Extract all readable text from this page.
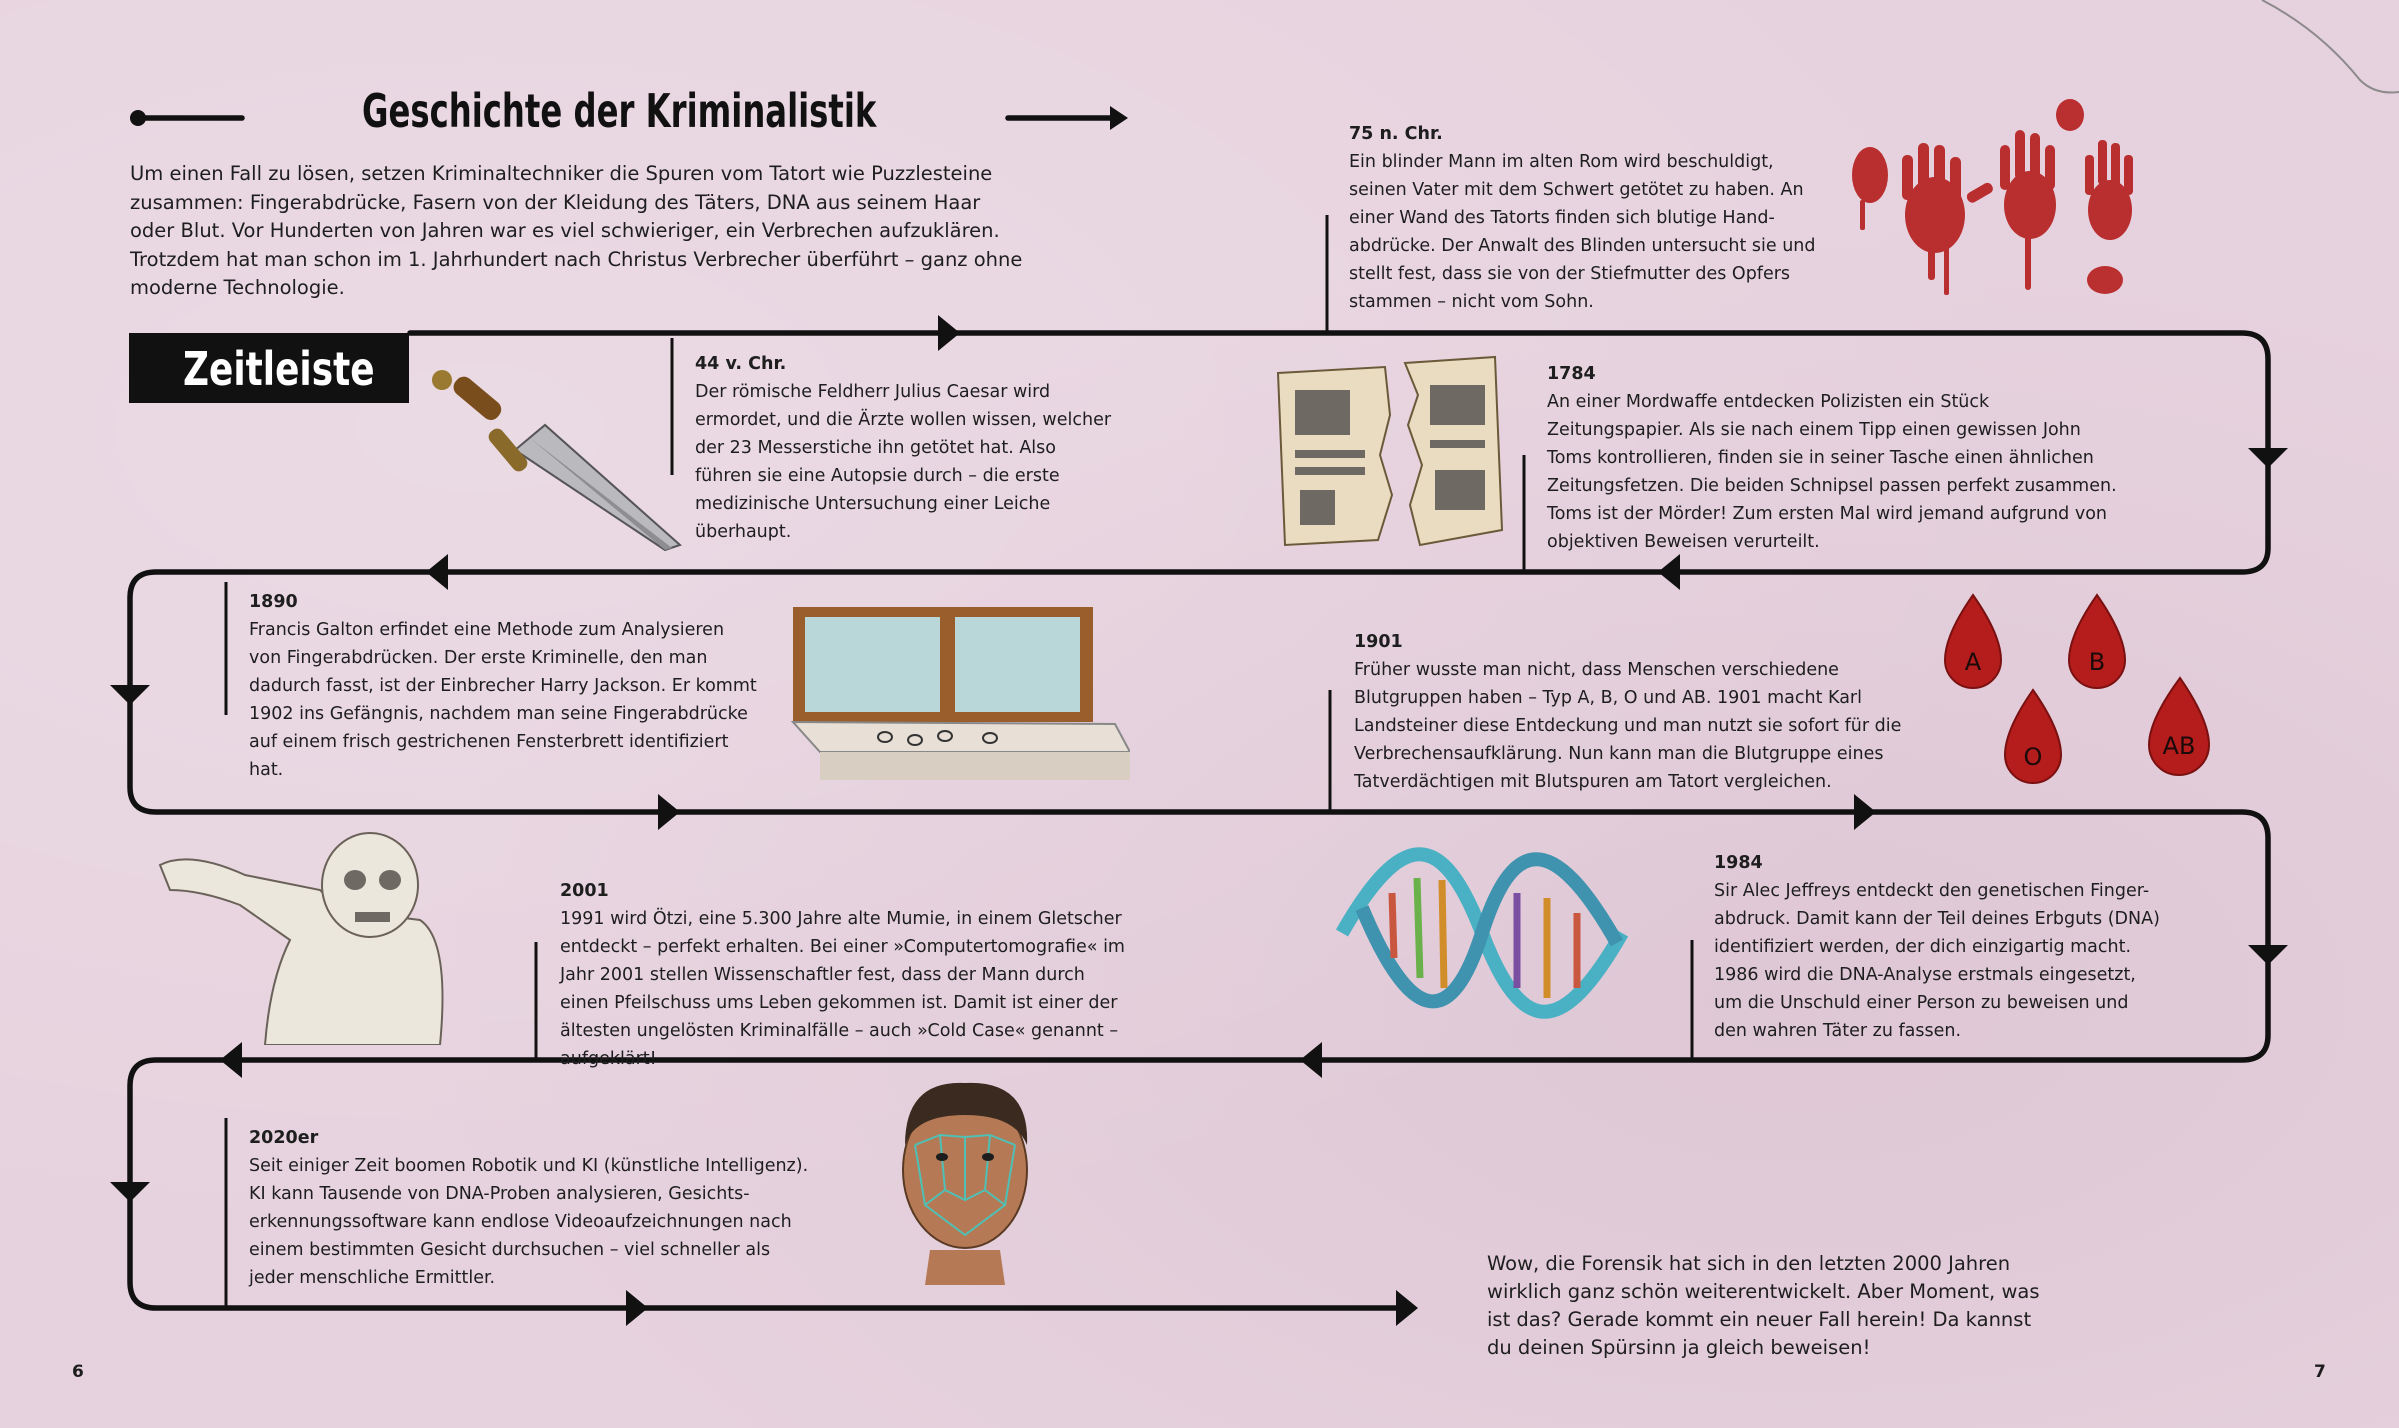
Geschichte der Kriminalistik
Um einen Fall zu lösen, setzen Kriminaltechniker die Spuren vom Tatort wie Puzzlesteine zusammen: Fingerabdrücke, Fasern von der Kleidung des Täters, DNA aus seinem Haar oder Blut. Vor Hunderten von Jahren war es viel schwieriger, ein Verbrechen aufzuklären. Trotzdem hat man schon im 1. Jahrhundert nach Christus Verbrecher überführt – ganz ohne moderne Technologie.
Zeitleiste
75 n. Chr.
Ein blinder Mann im alten Rom wird beschuldigt, seinen Vater mit dem Schwert getötet zu haben. An einer Wand des Tatorts finden sich blutige Hand-abdrücke. Der Anwalt des Blinden untersucht sie und stellt fest, dass sie von der Stiefmutter des Opfers stammen – nicht vom Sohn.
44 v. Chr.
Der römische Feldherr Julius Caesar wird ermordet, und die Ärzte wollen wissen, welcher der 23 Messerstiche ihn getötet hat. Also führen sie eine Autopsie durch – die erste medizinische Untersuchung einer Leiche überhaupt.
1784
An einer Mordwaffe entdecken Polizisten ein Stück Zeitungspapier. Als sie nach einem Tipp einen gewissen John Toms kontrollieren, finden sie in seiner Tasche einen ähnlichen Zeitungsfetzen. Die beiden Schnipsel passen perfekt zusammen. Toms ist der Mörder! Zum ersten Mal wird jemand aufgrund von objektiven Beweisen verurteilt.
1890
Francis Galton erfindet eine Methode zum Analysieren von Fingerabdrücken. Der erste Kriminelle, den man dadurch fasst, ist der Einbrecher Harry Jackson. Er kommt 1902 ins Gefängnis, nachdem man seine Fingerabdrücke auf einem frisch gestrichenen Fensterbrett identifiziert hat.
1901
Früher wusste man nicht, dass Menschen verschiedene Blutgruppen haben – Typ A, B, O und AB. 1901 macht Karl Landsteiner diese Entdeckung und man nutzt sie sofort für die Verbrechensaufklärung. Nun kann man die Blutgruppe eines Tatverdächtigen mit Blutspuren am Tatort vergleichen.
2001
1991 wird Ötzi, eine 5.300 Jahre alte Mumie, in einem Gletscher entdeckt – perfekt erhalten. Bei einer »Computertomografie« im Jahr 2001 stellen Wissenschaftler fest, dass der Mann durch einen Pfeilschuss ums Leben gekommen ist. Damit ist einer der ältesten ungelösten Kriminalfälle – auch »Cold Case« genannt – aufgeklärt!
1984
Sir Alec Jeffreys entdeckt den genetischen Finger-abdruck. Damit kann der Teil deines Erbguts (DNA) identifiziert werden, der dich einzigartig macht. 1986 wird die DNA-Analyse erstmals eingesetzt, um die Unschuld einer Person zu beweisen und den wahren Täter zu fassen.
2020er
Seit einiger Zeit boomen Robotik und KI (künstliche Intelligenz). KI kann Tausende von DNA-Proben analysieren, Gesichts-erkennungssoftware kann endlose Videoaufzeichnungen nach einem bestimmten Gesicht durchsuchen – viel schneller als jeder menschliche Ermittler.
Wow, die Forensik hat sich in den letzten 2000 Jahren wirklich ganz schön weiterentwickelt. Aber Moment, was ist das? Gerade kommt ein neuer Fall herein! Da kannst du deinen Spürsinn ja gleich beweisen!
6	7
A	B
O	AB
